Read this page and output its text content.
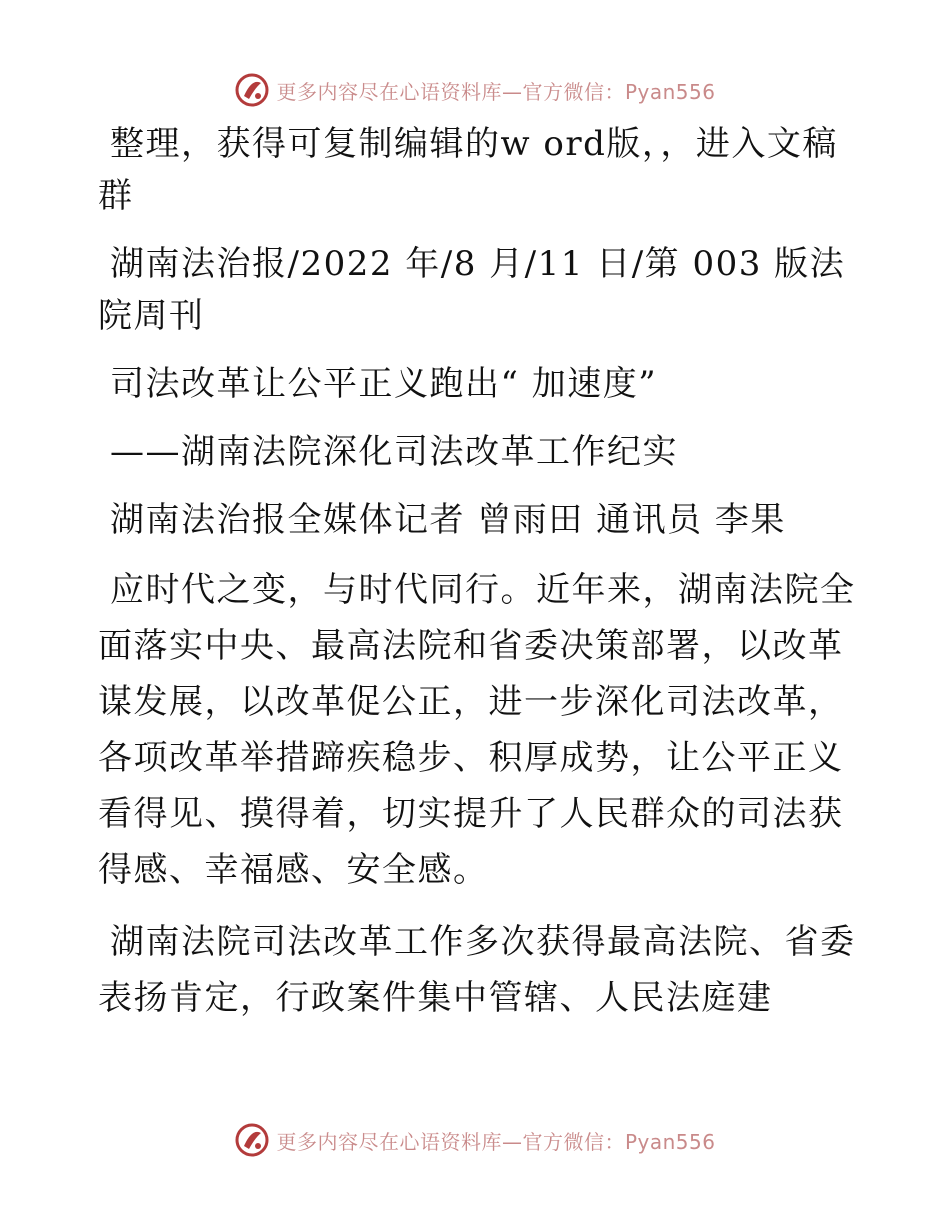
更多内容尽在心语资料库—官方微信：Pyan556

整理，获得可复制编辑的w ord版，，进入文稿群

湖南法治报/2022 年/8 月/11 日/第 003 版法院周刊

司法改革让公平正义跑出“ 加速度”

——湖南法院深化司法改革工作纪实

湖南法治报全媒体记者 曾雨田 通讯员 李果

应时代之变，与时代同行。近年来，湖南法院全面落实中央、最高法院和省委决策部署，以改革谋发展，以改革促公正，进一步深化司法改革，各项改革举措蹄疾稳步、积厚成势，让公平正义看得见、摸得着，切实提升了人民群众的司法获得感、幸福感、安全感。

湖南法院司法改革工作多次获得最高法院、省委表扬肯定，行政案件集中管辖、人民法庭建

更多内容尽在心语资料库—官方微信：Pyan556
